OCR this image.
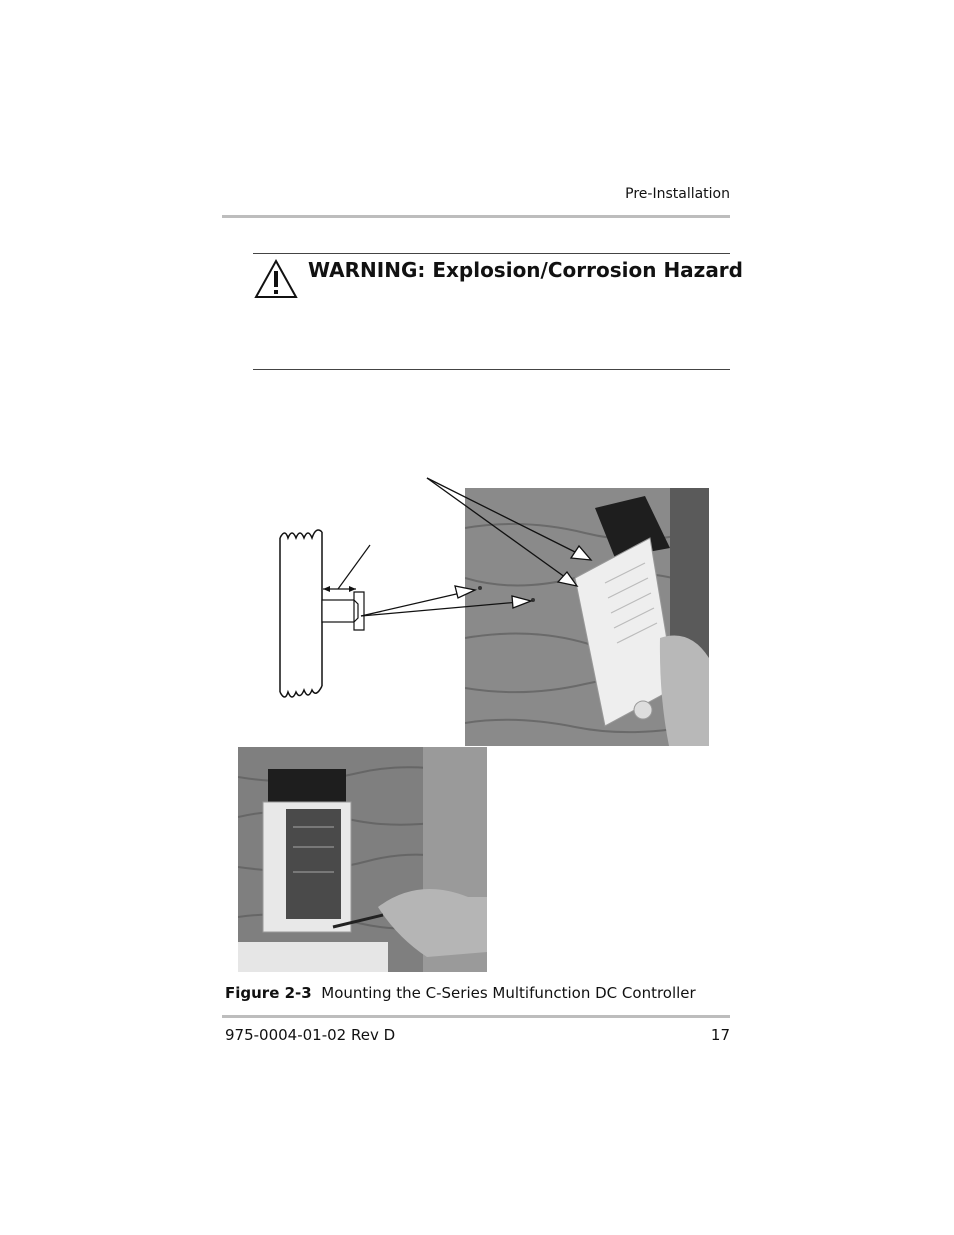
Pre-Installation
WARNING: Explosion/Corrosion Hazard
Figure 2-3 Mounting the C-Series Multifunction DC Controller
975-0004-01-02 Rev D	17
